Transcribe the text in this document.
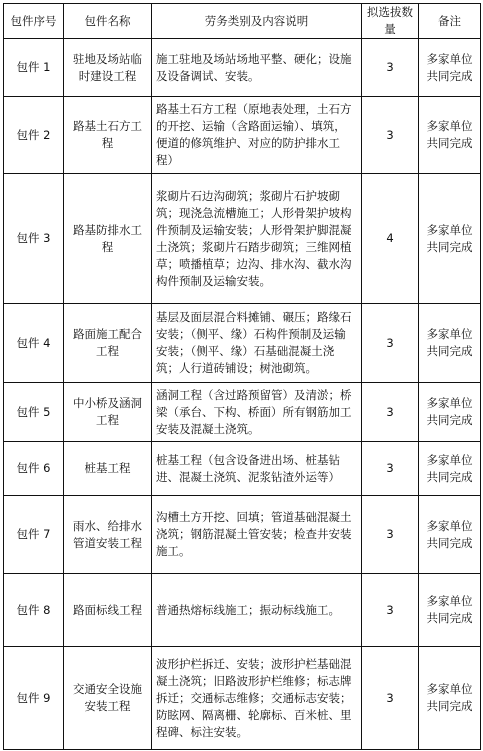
包件序号	包件名称	劳务类别及内容说明	拟选拔数量	备注
包件 1	驻地及场站临时建设工程	施工驻地及场站场地平整、硬化；设施及设备调试、安装。	3	多家单位共同完成
包件 2	路基土石方工程	路基土石方工程（原地表处理，土石方的开挖、运输（含路面运输）、填筑，便道的修筑维护、对应的防护排水工程）	3	多家单位共同完成
包件 3	路基防排水工程	浆砌片石边沟砌筑；浆砌片石护坡砌筑；现浇急流槽施工；人形骨架护坡构件预制及运输安装；人形骨架护脚混凝土浇筑；浆砌片石踏步砌筑；三维网植草；喷播植草；边沟、排水沟、截水沟构件预制及运输安装。	4	多家单位共同完成
包件 4	路面施工配合工程	基层及面层混合料摊铺、碾压；路缘石安装；（侧平、缘）石构件预制及运输安装；（侧平、缘）石基础混凝土浇筑；人行道砖铺设；树池砌筑。	3	多家单位共同完成
包件 5	中小桥及涵洞工程	涵洞工程（含过路预留管）及清淤；桥梁（承台、下构、桥面）所有钢筋加工安装及混凝土浇筑。	3	多家单位共同完成
包件 6	桩基工程	桩基工程（包含设备进出场、桩基钻进、混凝土浇筑、泥浆钻渣外运等）	3	多家单位共同完成
包件 7	雨水、给排水管道安装工程	沟槽土方开挖、回填；管道基础混凝土浇筑；钢筋混凝土管安装；检查井安装施工。	3	多家单位共同完成
包件 8	路面标线工程	普通热熔标线施工；振动标线施工。	3	多家单位共同完成
包件 9	交通安全设施安装工程	波形护栏拆迁、安装；波形护栏基础混凝土浇筑；旧路波形护栏维修；标志牌拆迁；交通标志维修；交通标志安装；防眩网、隔离栅、轮廓标、百米桩、里程碑、标注安装。	3	多家单位共同完成
